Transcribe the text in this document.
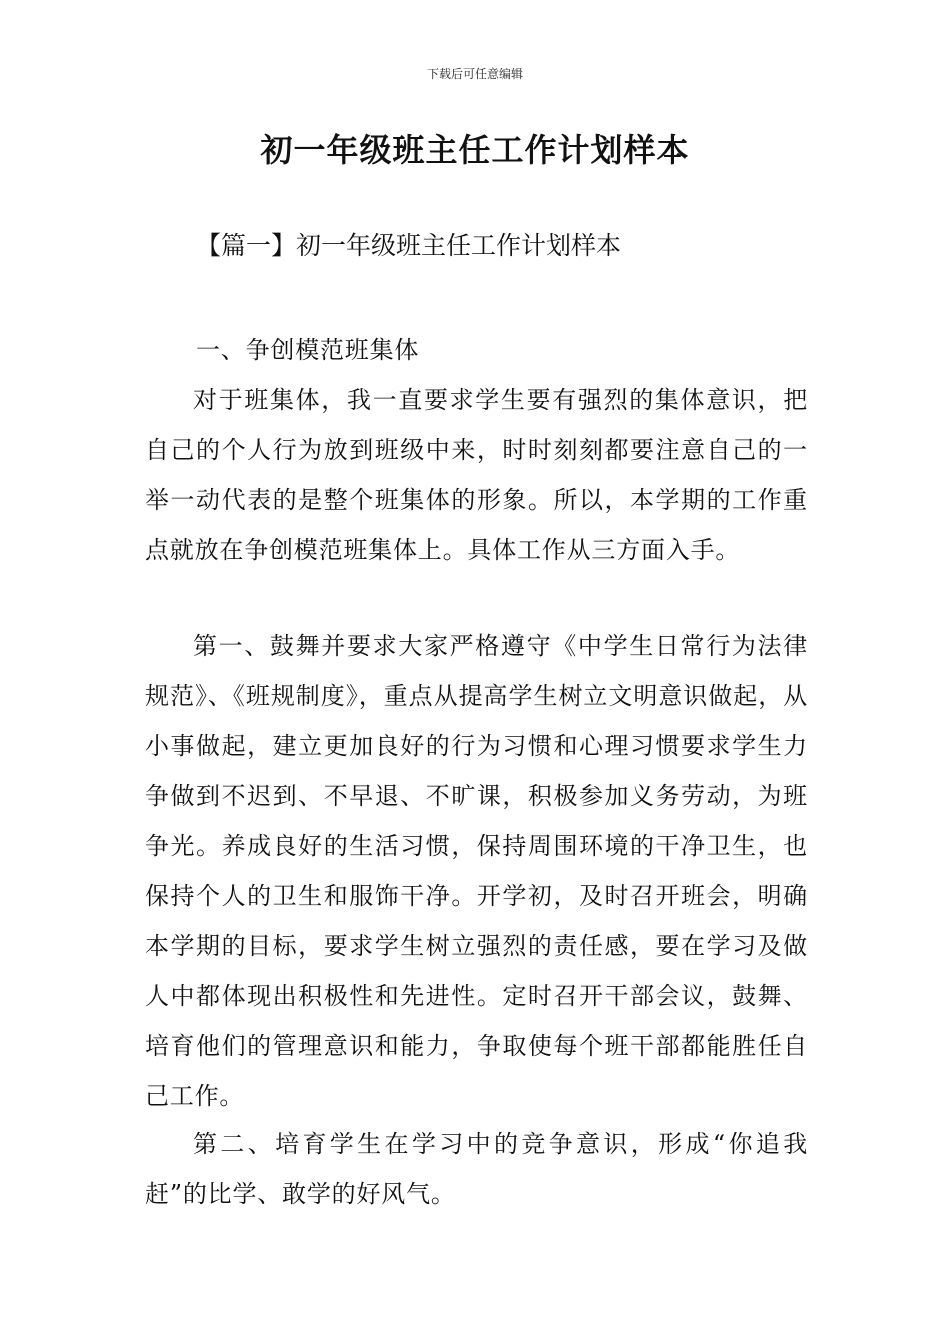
下载后可任意编辑
初一年级班主任工作计划样本
【篇一】初一年级班主任工作计划样本

一、争创模范班集体

对于班集体，我一直要求学生要有强烈的集体意识，把自己的个人行为放到班级中来，时时刻刻都要注意自己的一举一动代表的是整个班集体的形象。所以，本学期的工作重点就放在争创模范班集体上。具体工作从三方面入手。

第一、鼓舞并要求大家严格遵守《中学生日常行为法律规范》、《班规制度》，重点从提高学生树立文明意识做起，从小事做起，建立更加良好的行为习惯和心理习惯要求学生力争做到不迟到、不早退、不旷课，积极参加义务劳动，为班争光。养成良好的生活习惯，保持周围环境的干净卫生，也保持个人的卫生和服饰干净。开学初，及时召开班会，明确本学期的目标，要求学生树立强烈的责任感，要在学习及做人中都体现出积极性和先进性。定时召开干部会议，鼓舞、培育他们的管理意识和能力，争取使每个班干部都能胜任自己工作。

第二、培育学生在学习中的竞争意识，形成“你追我赶”的比学、敢学的好风气。
